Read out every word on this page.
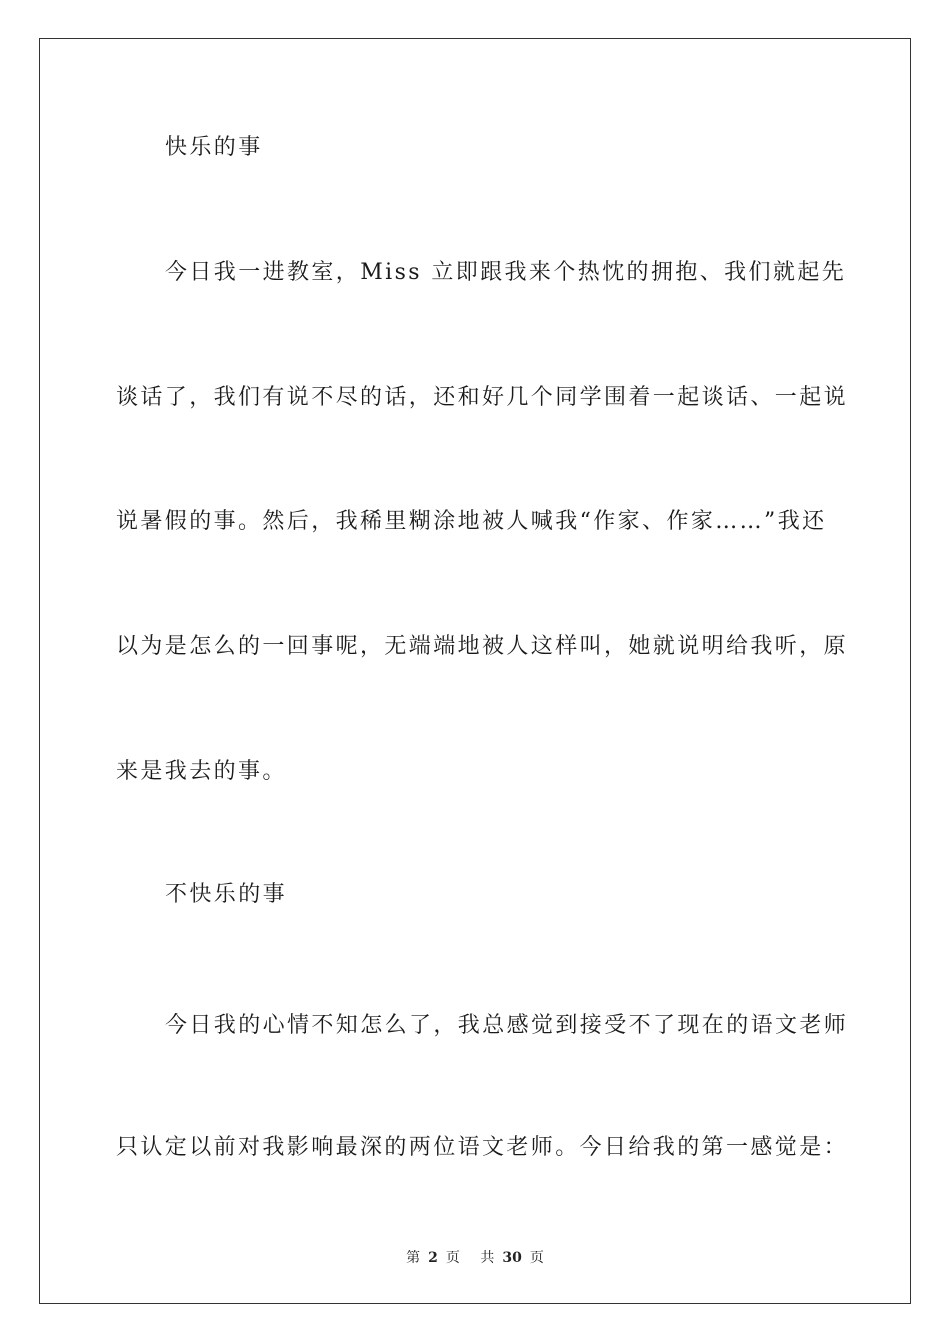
快乐的事
今日我一进教室，Miss 立即跟我来个热忱的拥抱、我们就起先
谈话了，我们有说不尽的话，还和好几个同学围着一起谈话、一起说
说暑假的事。然后，我稀里糊涂地被人喊我“作家、作家……”我还
以为是怎么的一回事呢，无端端地被人这样叫，她就说明给我听，原
来是我去的事。
不快乐的事
今日我的心情不知怎么了，我总感觉到接受不了现在的语文老师
只认定以前对我影响最深的两位语文老师。今日给我的第一感觉是：
第 2 页 共 30 页
